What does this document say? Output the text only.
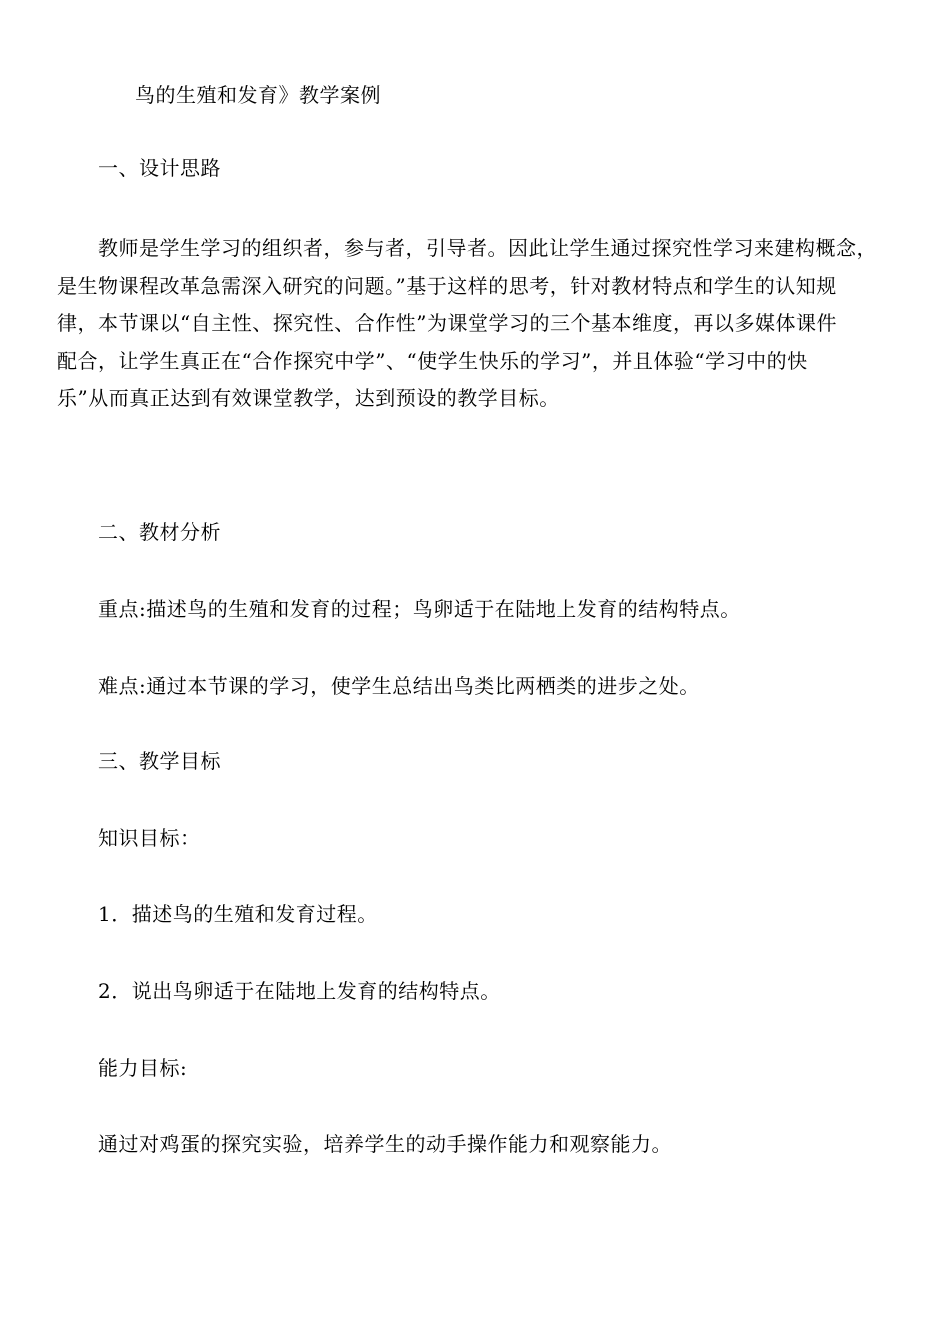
鸟的生殖和发育》教学案例
一、设计思路
教师是学生学习的组织者，参与者，引导者。因此让学生通过探究性学习来建构概念，
是生物课程改革急需深入研究的问题。”基于这样的思考，针对教材特点和学生的认知规
律，本节课以“自主性、探究性、合作性”为课堂学习的三个基本维度，再以多媒体课件
配合，让学生真正在“合作探究中学”、“使学生快乐的学习”，并且体验“学习中的快
乐”从而真正达到有效课堂教学，达到预设的教学目标。
二、教材分析
重点:描述鸟的生殖和发育的过程；鸟卵适于在陆地上发育的结构特点。
难点:通过本节课的学习，使学生总结出鸟类比两栖类的进步之处。
三、教学目标
知识目标：
1．描述鸟的生殖和发育过程。
2．说出鸟卵适于在陆地上发育的结构特点。
能力目标:
通过对鸡蛋的探究实验，培养学生的动手操作能力和观察能力。
